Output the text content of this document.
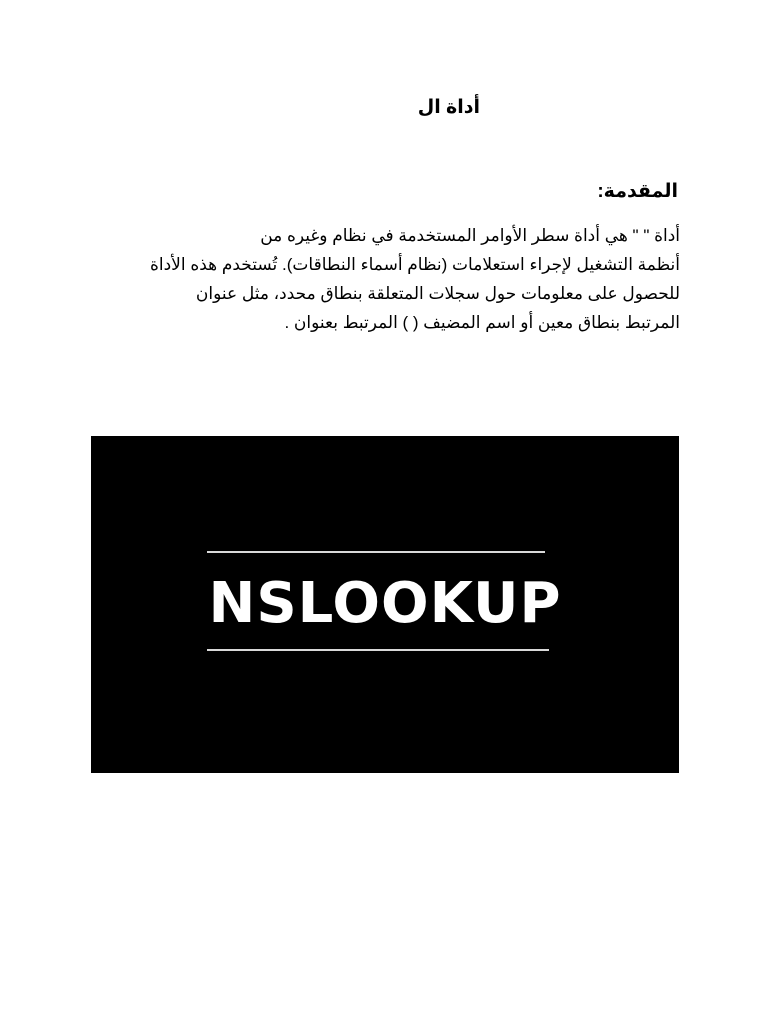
أداة ال
المقدمة:
أداة " " هي أداة سطر الأوامر المستخدمة في نظام وغيره من
أنظمة التشغيل لإجراء استعلامات (نظام أسماء النطاقات). تُستخدم هذه الأداة
للحصول على معلومات حول سجلات المتعلقة بنطاق محدد، مثل عنوان
المرتبط بنطاق معين أو اسم المضيف ( ) المرتبط بعنوان .
NSLOOKUP
